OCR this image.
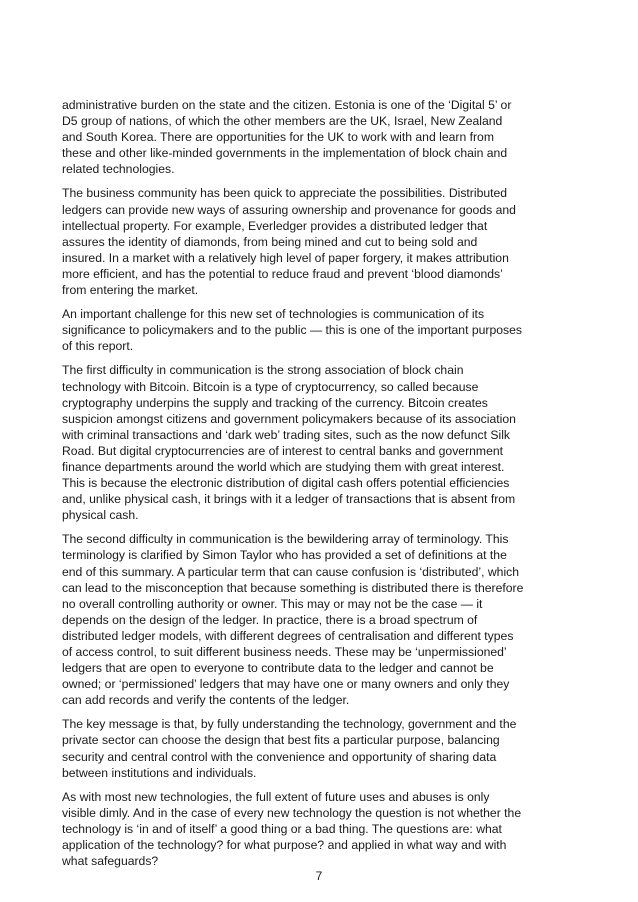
administrative burden on the state and the citizen. Estonia is one of the ‘Digital 5’ or D5 group of nations, of which the other members are the UK, Israel, New Zealand and South Korea. There are opportunities for the UK to work with and learn from these and other like-minded governments in the implementation of block chain and related technologies.

The business community has been quick to appreciate the possibilities. Distributed ledgers can provide new ways of assuring ownership and provenance for goods and intellectual property. For example, Everledger provides a distributed ledger that assures the identity of diamonds, from being mined and cut to being sold and insured. In a market with a relatively high level of paper forgery, it makes attribution more efficient, and has the potential to reduce fraud and prevent ‘blood diamonds’ from entering the market.

An important challenge for this new set of technologies is communication of its significance to policymakers and to the public — this is one of the important purposes of this report.

The first difficulty in communication is the strong association of block chain technology with Bitcoin. Bitcoin is a type of cryptocurrency, so called because cryptography underpins the supply and tracking of the currency. Bitcoin creates suspicion amongst citizens and government policymakers because of its association with criminal transactions and ‘dark web’ trading sites, such as the now defunct Silk Road. But digital cryptocurrencies are of interest to central banks and government finance departments around the world which are studying them with great interest. This is because the electronic distribution of digital cash offers potential efficiencies and, unlike physical cash, it brings with it a ledger of transactions that is absent from physical cash.

The second difficulty in communication is the bewildering array of terminology. This terminology is clarified by Simon Taylor who has provided a set of definitions at the end of this summary. A particular term that can cause confusion is ‘distributed’, which can lead to the misconception that because something is distributed there is therefore no overall controlling authority or owner. This may or may not be the case — it depends on the design of the ledger. In practice, there is a broad spectrum of distributed ledger models, with different degrees of centralisation and different types of access control, to suit different business needs. These may be ‘unpermissioned’ ledgers that are open to everyone to contribute data to the ledger and cannot be owned; or ‘permissioned’ ledgers that may have one or many owners and only they can add records and verify the contents of the ledger.

The key message is that, by fully understanding the technology, government and the private sector can choose the design that best fits a particular purpose, balancing security and central control with the convenience and opportunity of sharing data between institutions and individuals.

As with most new technologies, the full extent of future uses and abuses is only visible dimly. And in the case of every new technology the question is not whether the technology is ‘in and of itself’ a good thing or a bad thing. The questions are: what application of the technology? for what purpose? and applied in what way and with what safeguards?

7
